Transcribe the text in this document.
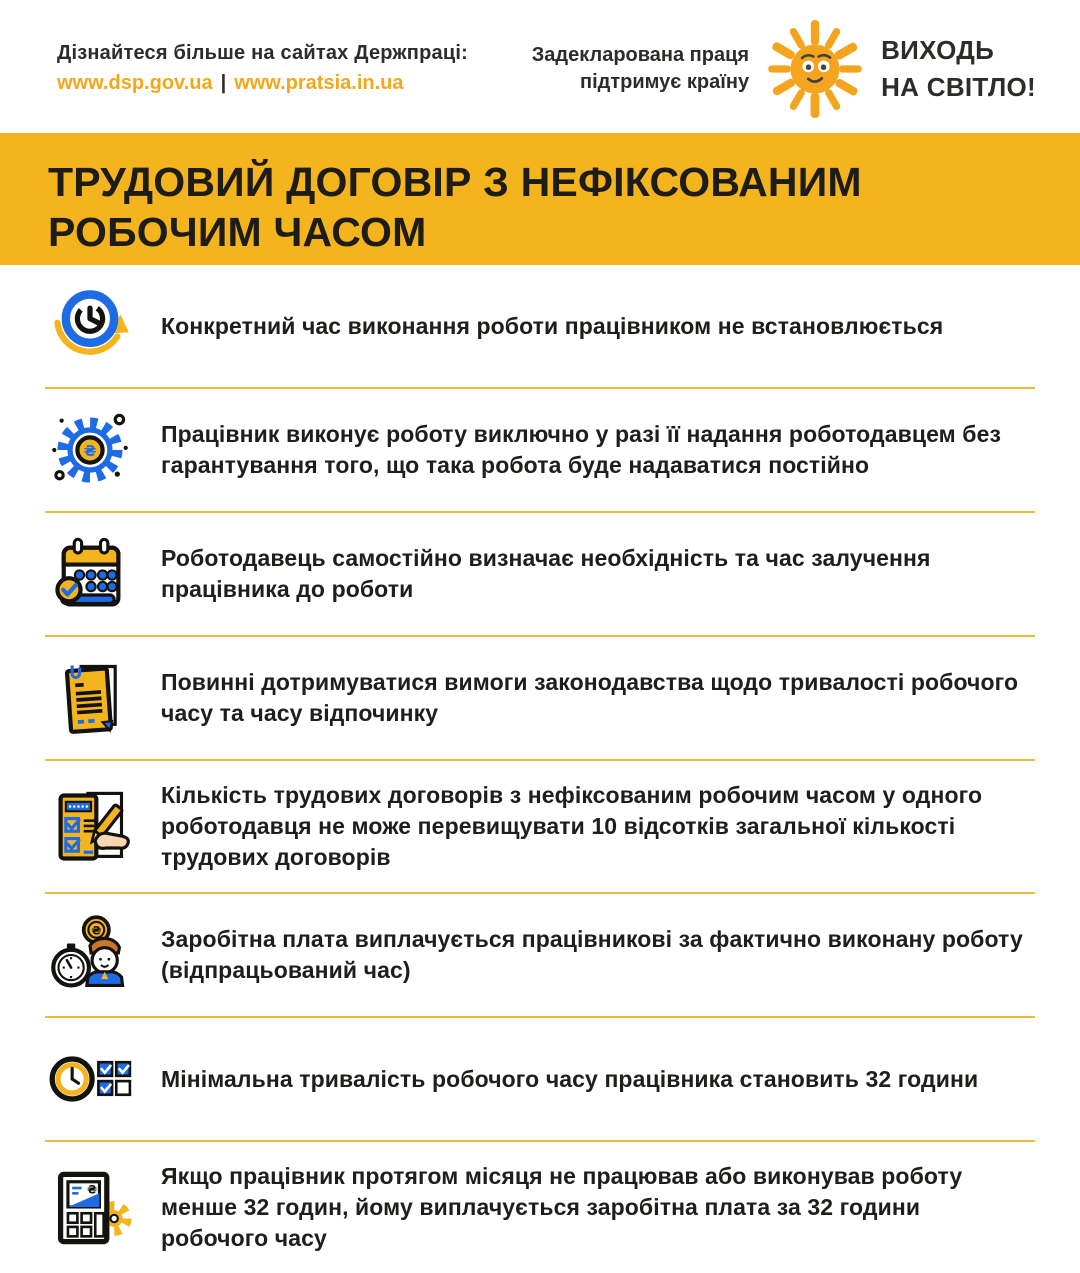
Дізнайтеся більше на сайтах Держпраці:
www.dsp.gov.ua | www.pratsia.in.ua
Задекларована праця
підтримує країну
ВИХОДЬ
НА СВІТЛО!
ТРУДОВИЙ ДОГОВІР З НЕФІКСОВАНИМ
РОБОЧИМ ЧАСОМ
Конкретний час виконання роботи працівником не встановлюється
₴
Працівник виконує роботу виключно у разі її надання роботодавцем без гарантування того, що така робота буде надаватися постійно
Роботодавець самостійно визначає необхідність та час залучення працівника до роботи
Повинні дотримуватися вимоги законодавства щодо тривалості робочого часу та часу відпочинку
Кількість трудових договорів з нефіксованим робочим часом у одного роботодавця не може перевищувати 10 відсотків загальної кількості трудових договорів
₴	Заробітна плата виплачується працівникові за фактично виконану роботу (відпрацьований час)
Мінімальна тривалість робочого часу працівника становить 32 години
₴	Якщо працівник протягом місяця не працював або виконував роботу менше 32 годин, йому виплачується заробітна плата за 32 години робочого часу
